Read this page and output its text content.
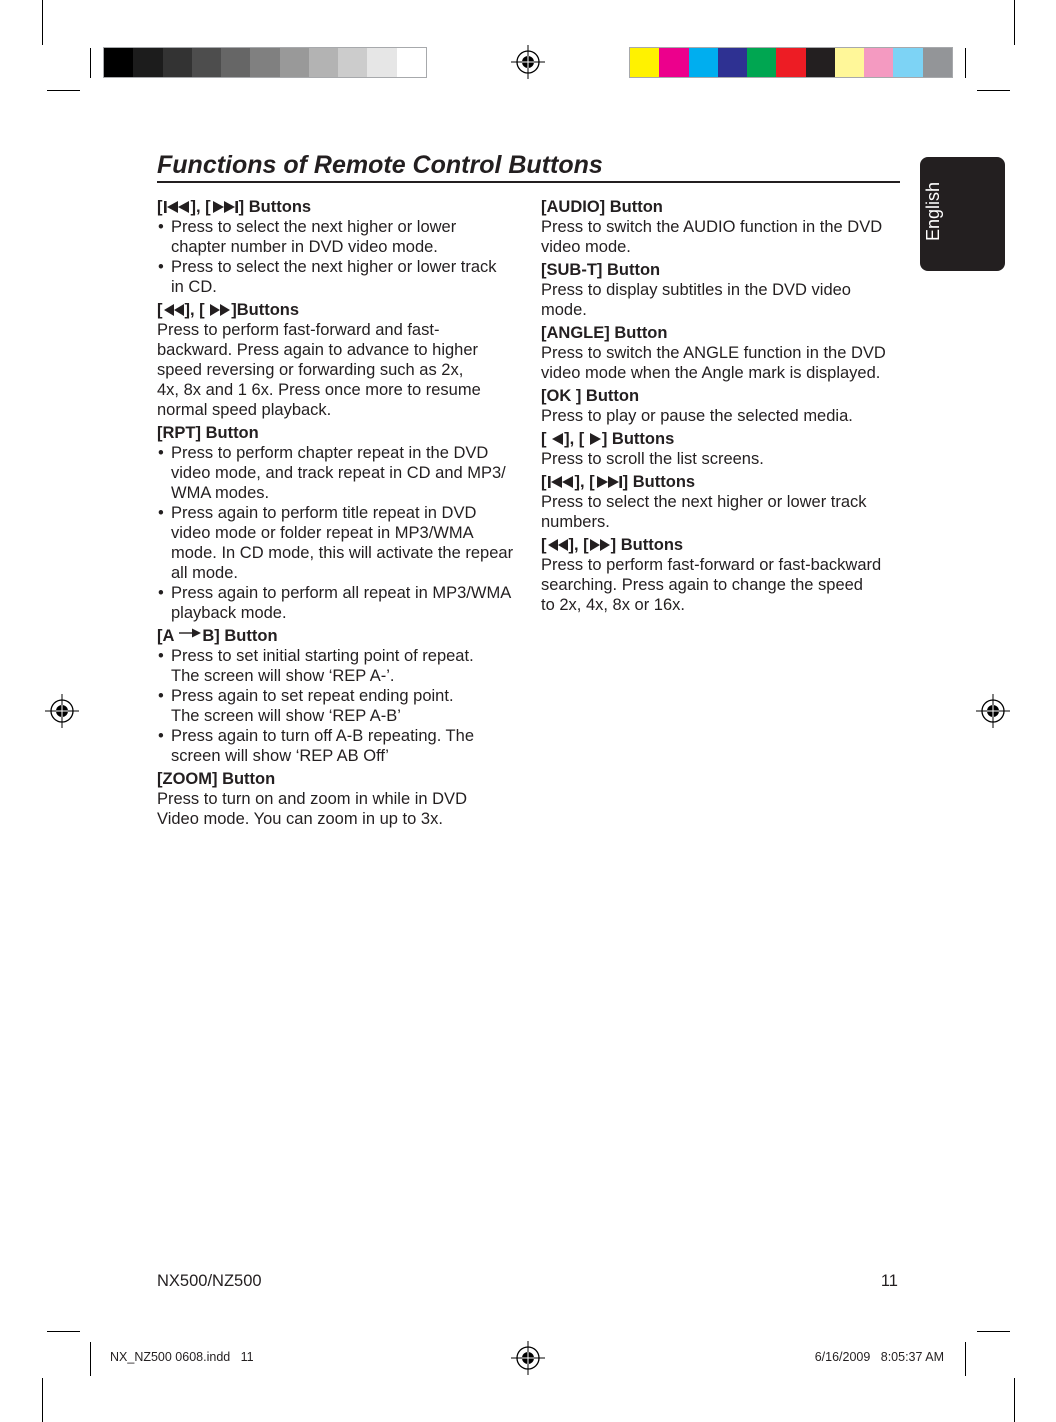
Functions of Remote Control Buttons
English
[ ], [ ] Buttons
• Press to select the next higher or lower
chapter number in DVD video mode.
• Press to select the next higher or lower track
in CD.
[ ], [
]Buttons
Press to perform fast-forward and fast-
backward. Press again to advance to higher
speed reversing or forwarding such as 2x,
4x, 8x and 1 6x. Press once more to resume
normal speed playback.
[RPT] Button
• Press to perform chapter repeat in the DVD
video mode, and track repeat in CD and MP3/
WMA modes.
• Press again to perform title repeat in DVD
video mode or folder repeat in MP3/WMA
mode. In CD mode, this will activate the repear
all mode.
• Press again to perform all repeat in MP3/WMA
playback mode.
[A
B] Button
• Press to set initial starting point of repeat.
The screen will show ‘REP A-’.
• Press again to set repeat ending point.
The screen will show ‘REP A-B’
• Press again to turn off A-B repeating. The
screen will show ‘REP AB Off’
[ZOOM] Button
Press to turn on and zoom in while in DVD
Video mode. You can zoom in up to 3x.
[AUDIO] Button
Press to switch the AUDIO function in the DVD
video mode.
[SUB-T] Button
Press to display subtitles in the DVD video
mode.
[ANGLE] Button
Press to switch the ANGLE function in the DVD
video mode when the Angle mark is displayed.
[OK ] Button
Press to play or pause the selected media.
[
], [
] Buttons
Press to scroll the list screens.
[ ], [ ] Buttons
Press to select the next higher or lower track
numbers.
[ ], [ ] Buttons
Press to perform fast-forward or fast-backward
searching. Press again to change the speed
to 2x, 4x, 8x or 16x.
NX500/NZ500	11
NX_NZ500 0608.indd   11	6/16/2009   8:05:37 AM
